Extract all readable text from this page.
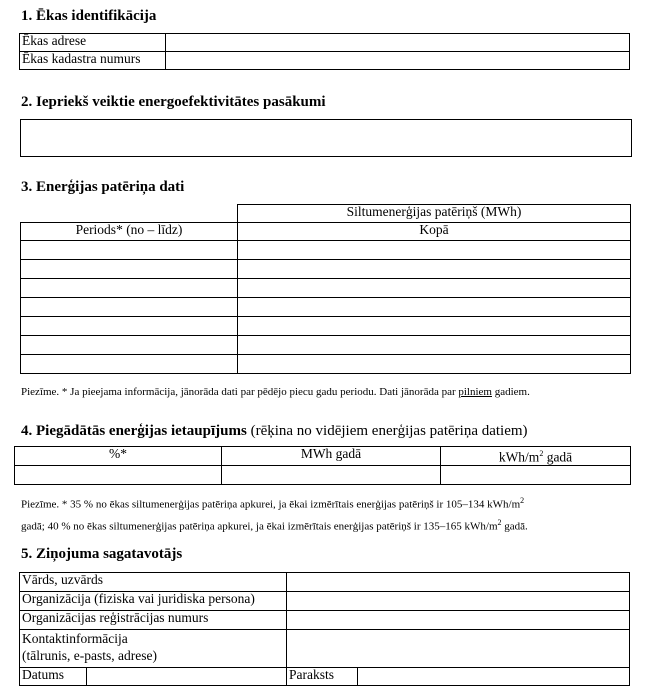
1. Ēkas identifikācija
Ēkas adrese	
Ēkas kadastra numurs	
2. Iepriekš veiktie energoefektivitātes pasākumi
3. Enerģijas patēriņa dati
Siltumenerģijas patēriņš (MWh)
Periods* (no – līdz)	Kopā

Piezīme. * Ja pieejama informācija, jānorāda dati par pēdējo piecu gadu periodu. Dati jānorāda par pilniem gadiem.
4. Piegādātās enerģijas ietaupījums (rēķina no vidējiem enerģijas patēriņa datiem)
%*	MWh gadā	kWh/$m^2$ gadā

Piezīme. * 35 % no ēkas siltumenerģijas patēriņa apkurei, ja ēkai izmērītais enerģijas patēriņš ir 105–134 kWh/$m^2$
gadā; 40 % no ēkas siltumenerģijas patēriņa apkurei, ja ēkai izmērītais enerģijas patēriņš ir 135–165 kWh/$m^2$ gadā.
5. Ziņojuma sagatavotājs
Vārds, uzvārds			
Organizācija (fiziska vai juridiska persona)			
Organizācijas reģistrācijas numurs			

Kontaktinformācija
(tālrunis, e-pasts, adrese)			

Datums		Paraksts	
